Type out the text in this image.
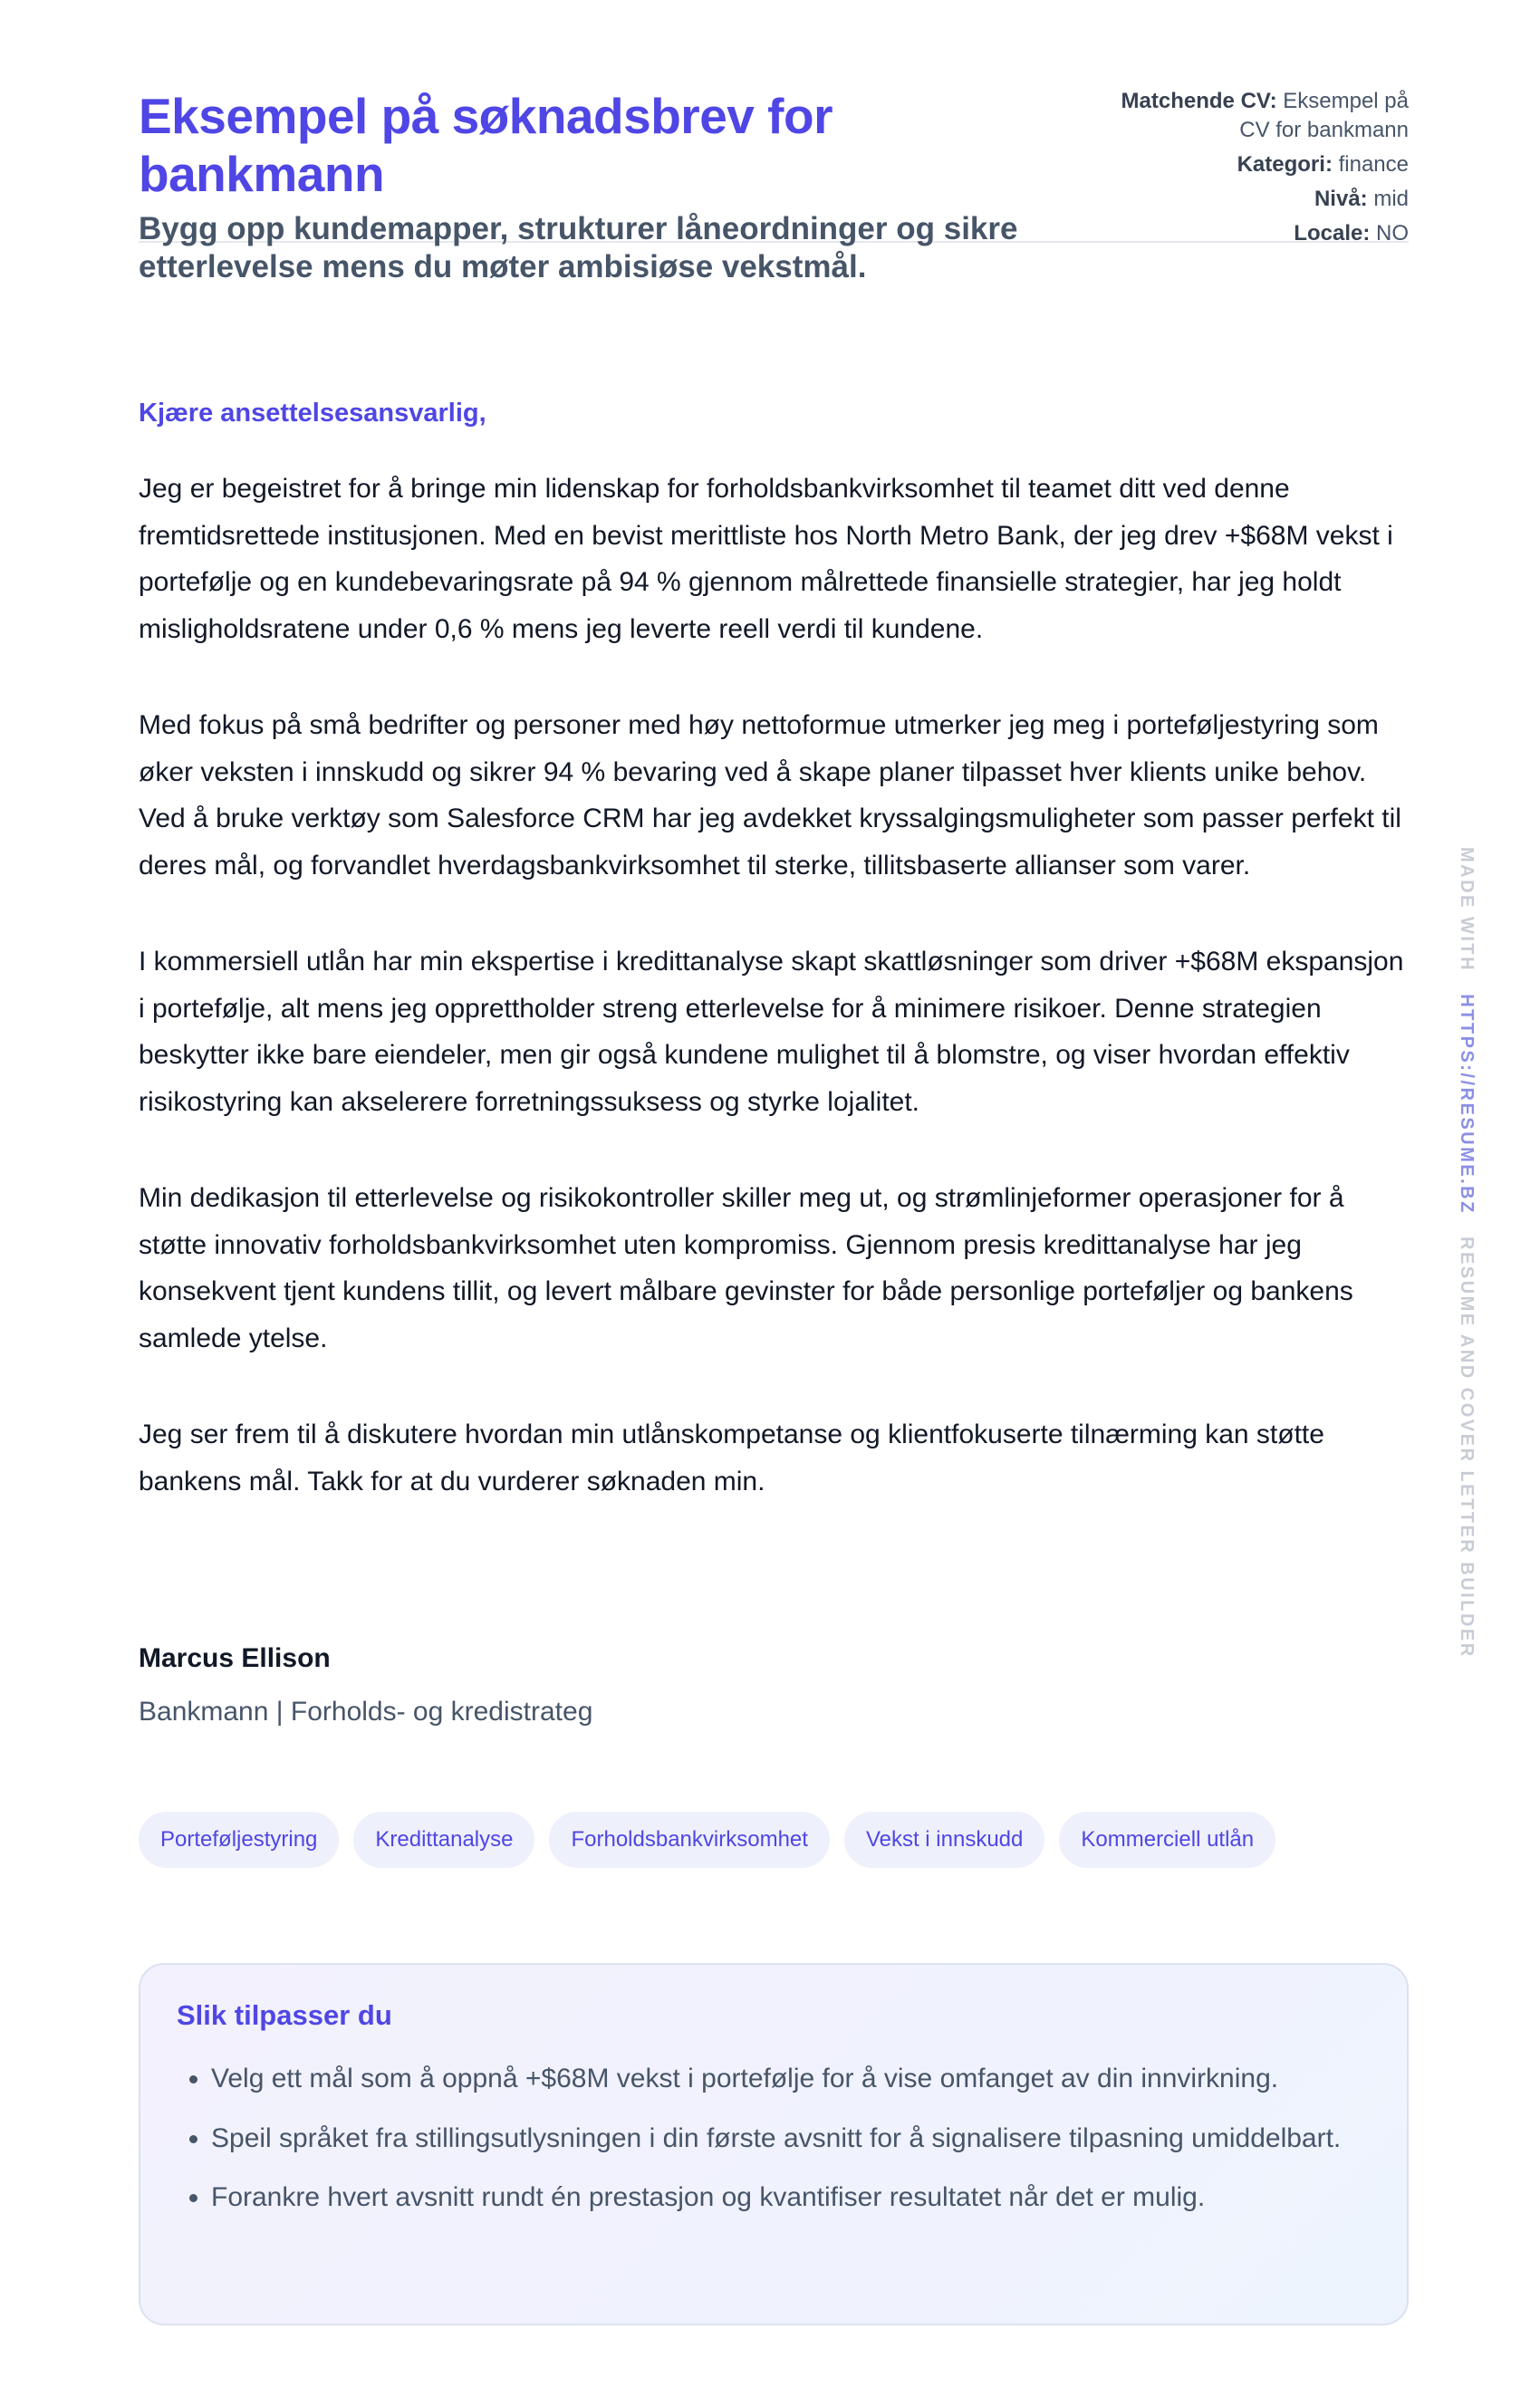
Eksempel på søknadsbrev for bankmann

Bygg opp kundemapper, strukturer låneordninger og sikre etterlevelse mens du møter ambisiøse vekstmål.

Matchende CV: Eksempel på CV for bankmann
Kategori: finance
Nivå: mid
Locale: NO

Kjære ansettelsesansvarlig,

Jeg er begeistret for å bringe min lidenskap for forholdsbankvirksomhet til teamet ditt ved denne fremtidsrettede institusjonen. Med en bevist merittliste hos North Metro Bank, der jeg drev +$68M vekst i portefølje og en kundebevaringsrate på 94 % gjennom målrettede finansielle strategier, har jeg holdt misligholdsratene under 0,6 % mens jeg leverte reell verdi til kundene.

Med fokus på små bedrifter og personer med høy nettoformue utmerker jeg meg i porteføljestyring som øker veksten i innskudd og sikrer 94 % bevaring ved å skape planer tilpasset hver klients unike behov. Ved å bruke verktøy som Salesforce CRM har jeg avdekket kryssalgingsmuligheter som passer perfekt til deres mål, og forvandlet hverdagsbankvirksomhet til sterke, tillitsbaserte allianser som varer.

I kommersiell utlån har min ekspertise i kredittanalyse skapt skattløsninger som driver +$68M ekspansjon i portefølje, alt mens jeg opprettholder streng etterlevelse for å minimere risikoer. Denne strategien beskytter ikke bare eiendeler, men gir også kundene mulighet til å blomstre, og viser hvordan effektiv risikostyring kan akselerere forretningssuksess og styrke lojalitet.

Min dedikasjon til etterlevelse og risikokontroller skiller meg ut, og strømlinjeformer operasjoner for å støtte innovativ forholdsbankvirksomhet uten kompromiss. Gjennom presis kredittanalyse har jeg konsekvent tjent kundens tillit, og levert målbare gevinster for både personlige porteføljer og bankens samlede ytelse.

Jeg ser frem til å diskutere hvordan min utlånskompetanse og klientfokuserte tilnærming kan støtte bankens mål. Takk for at du vurderer søknaden min.

Marcus Ellison

Bankmann | Forholds- og kredistrateg

Porteføljestyring	Kredittanalyse	Forholdsbankvirksomhet	Vekst i innskudd	Kommerciell utlån
Slik tilpasser du
• Velg ett mål som å oppnå +$68M vekst i portefølje for å vise omfanget av din innvirkning.
• Speil språket fra stillingsutlysningen i din første avsnitt for å signalisere tilpasning umiddelbart.
• Forankre hvert avsnitt rundt én prestasjon og kvantifiser resultatet når det er mulig.
MADE WITH   HTTPS://RESUME.BZ   RESUME AND COVER LETTER BUILDER
